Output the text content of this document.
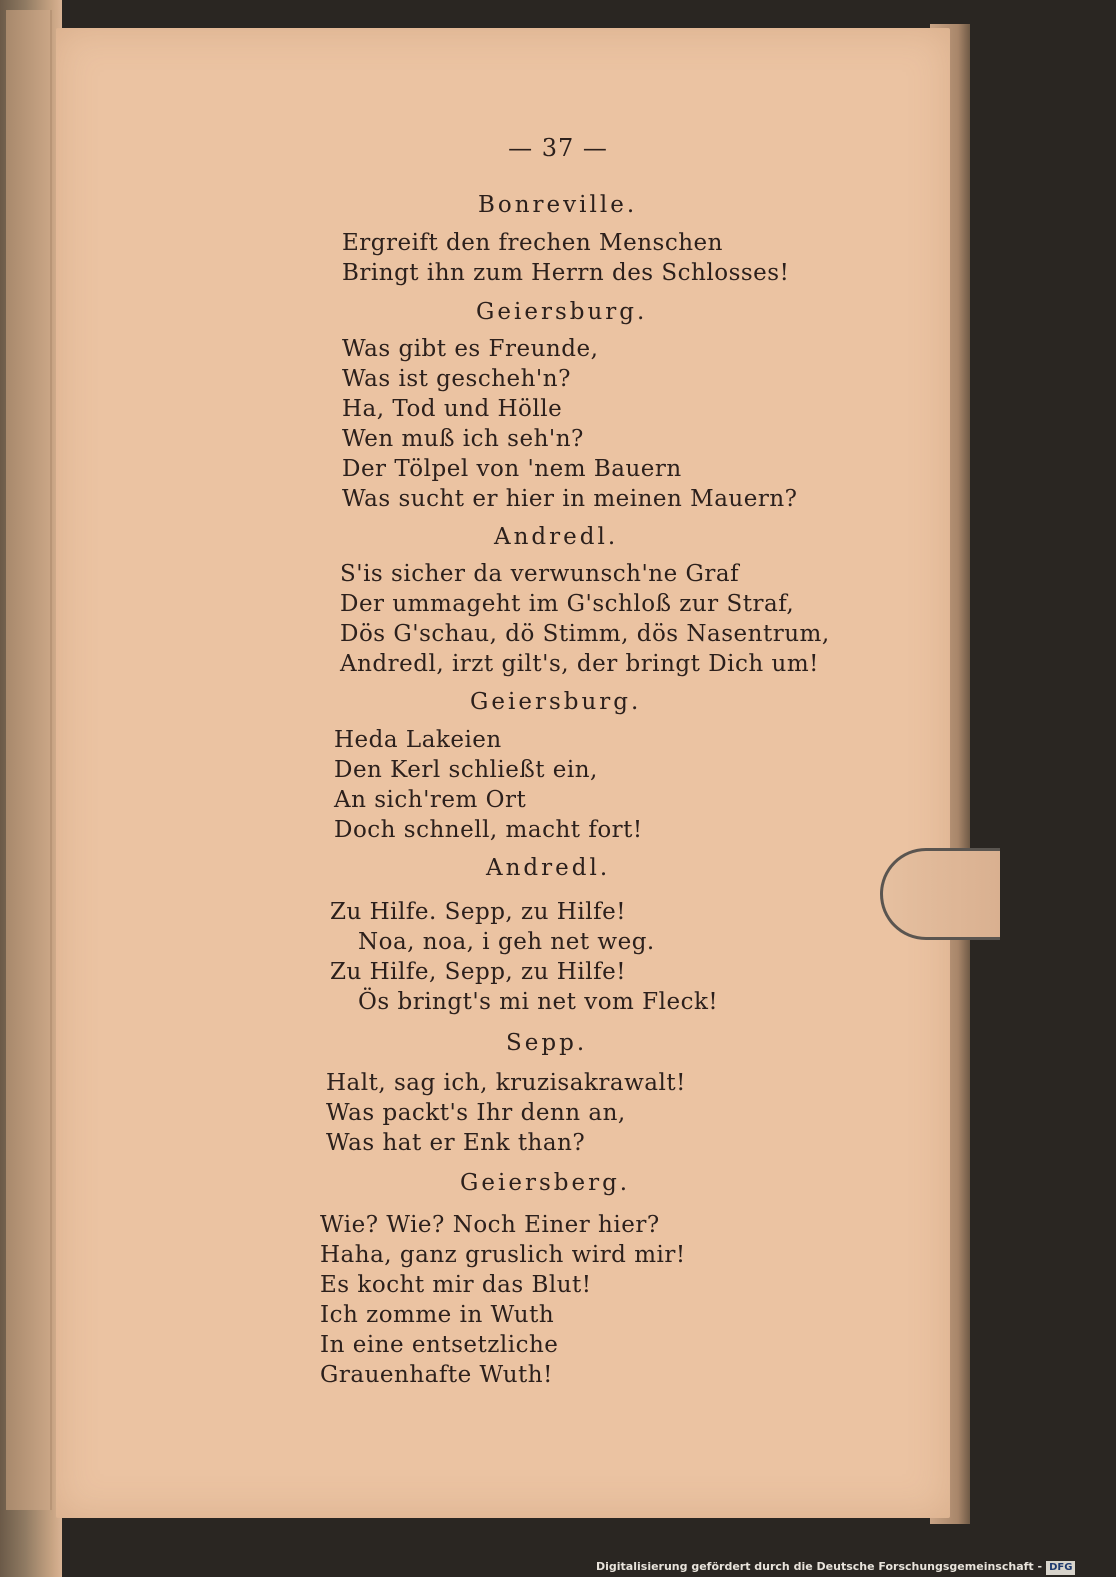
— 37 —
Bonreville.
Ergreift den frechen Menschen
Bringt ihn zum Herrn des Schlosses!
Geiersburg.
Was gibt es Freunde,
Was ist gescheh'n?
Ha, Tod und Hölle
Wen muß ich seh'n?
Der Tölpel von 'nem Bauern
Was sucht er hier in meinen Mauern?
Andredl.
S'is sicher da verwunsch'ne Graf
Der ummageht im G'schloß zur Straf,
Dös G'schau, dö Stimm, dös Nasentrum,
Andredl, irzt gilt's, der bringt Dich um!
Geiersburg.
Heda Lakeien
Den Kerl schließt ein,
An sich'rem Ort
Doch schnell, macht fort!
Andredl.
Zu Hilfe. Sepp, zu Hilfe!
Noa, noa, i geh net weg.
Zu Hilfe, Sepp, zu Hilfe!
Ös bringt's mi net vom Fleck!
Sepp.
Halt, sag ich, kruzisakrawalt!
Was packt's Ihr denn an,
Was hat er Enk than?
Geiersberg.
Wie? Wie? Noch Einer hier?
Haha, ganz gruslich wird mir!
Es kocht mir das Blut!
Ich zomme in Wuth
In eine entsetzliche
Grauenhafte Wuth!
Digitalisierung gefördert durch die Deutsche Forschungsgemeinschaft - DFG
